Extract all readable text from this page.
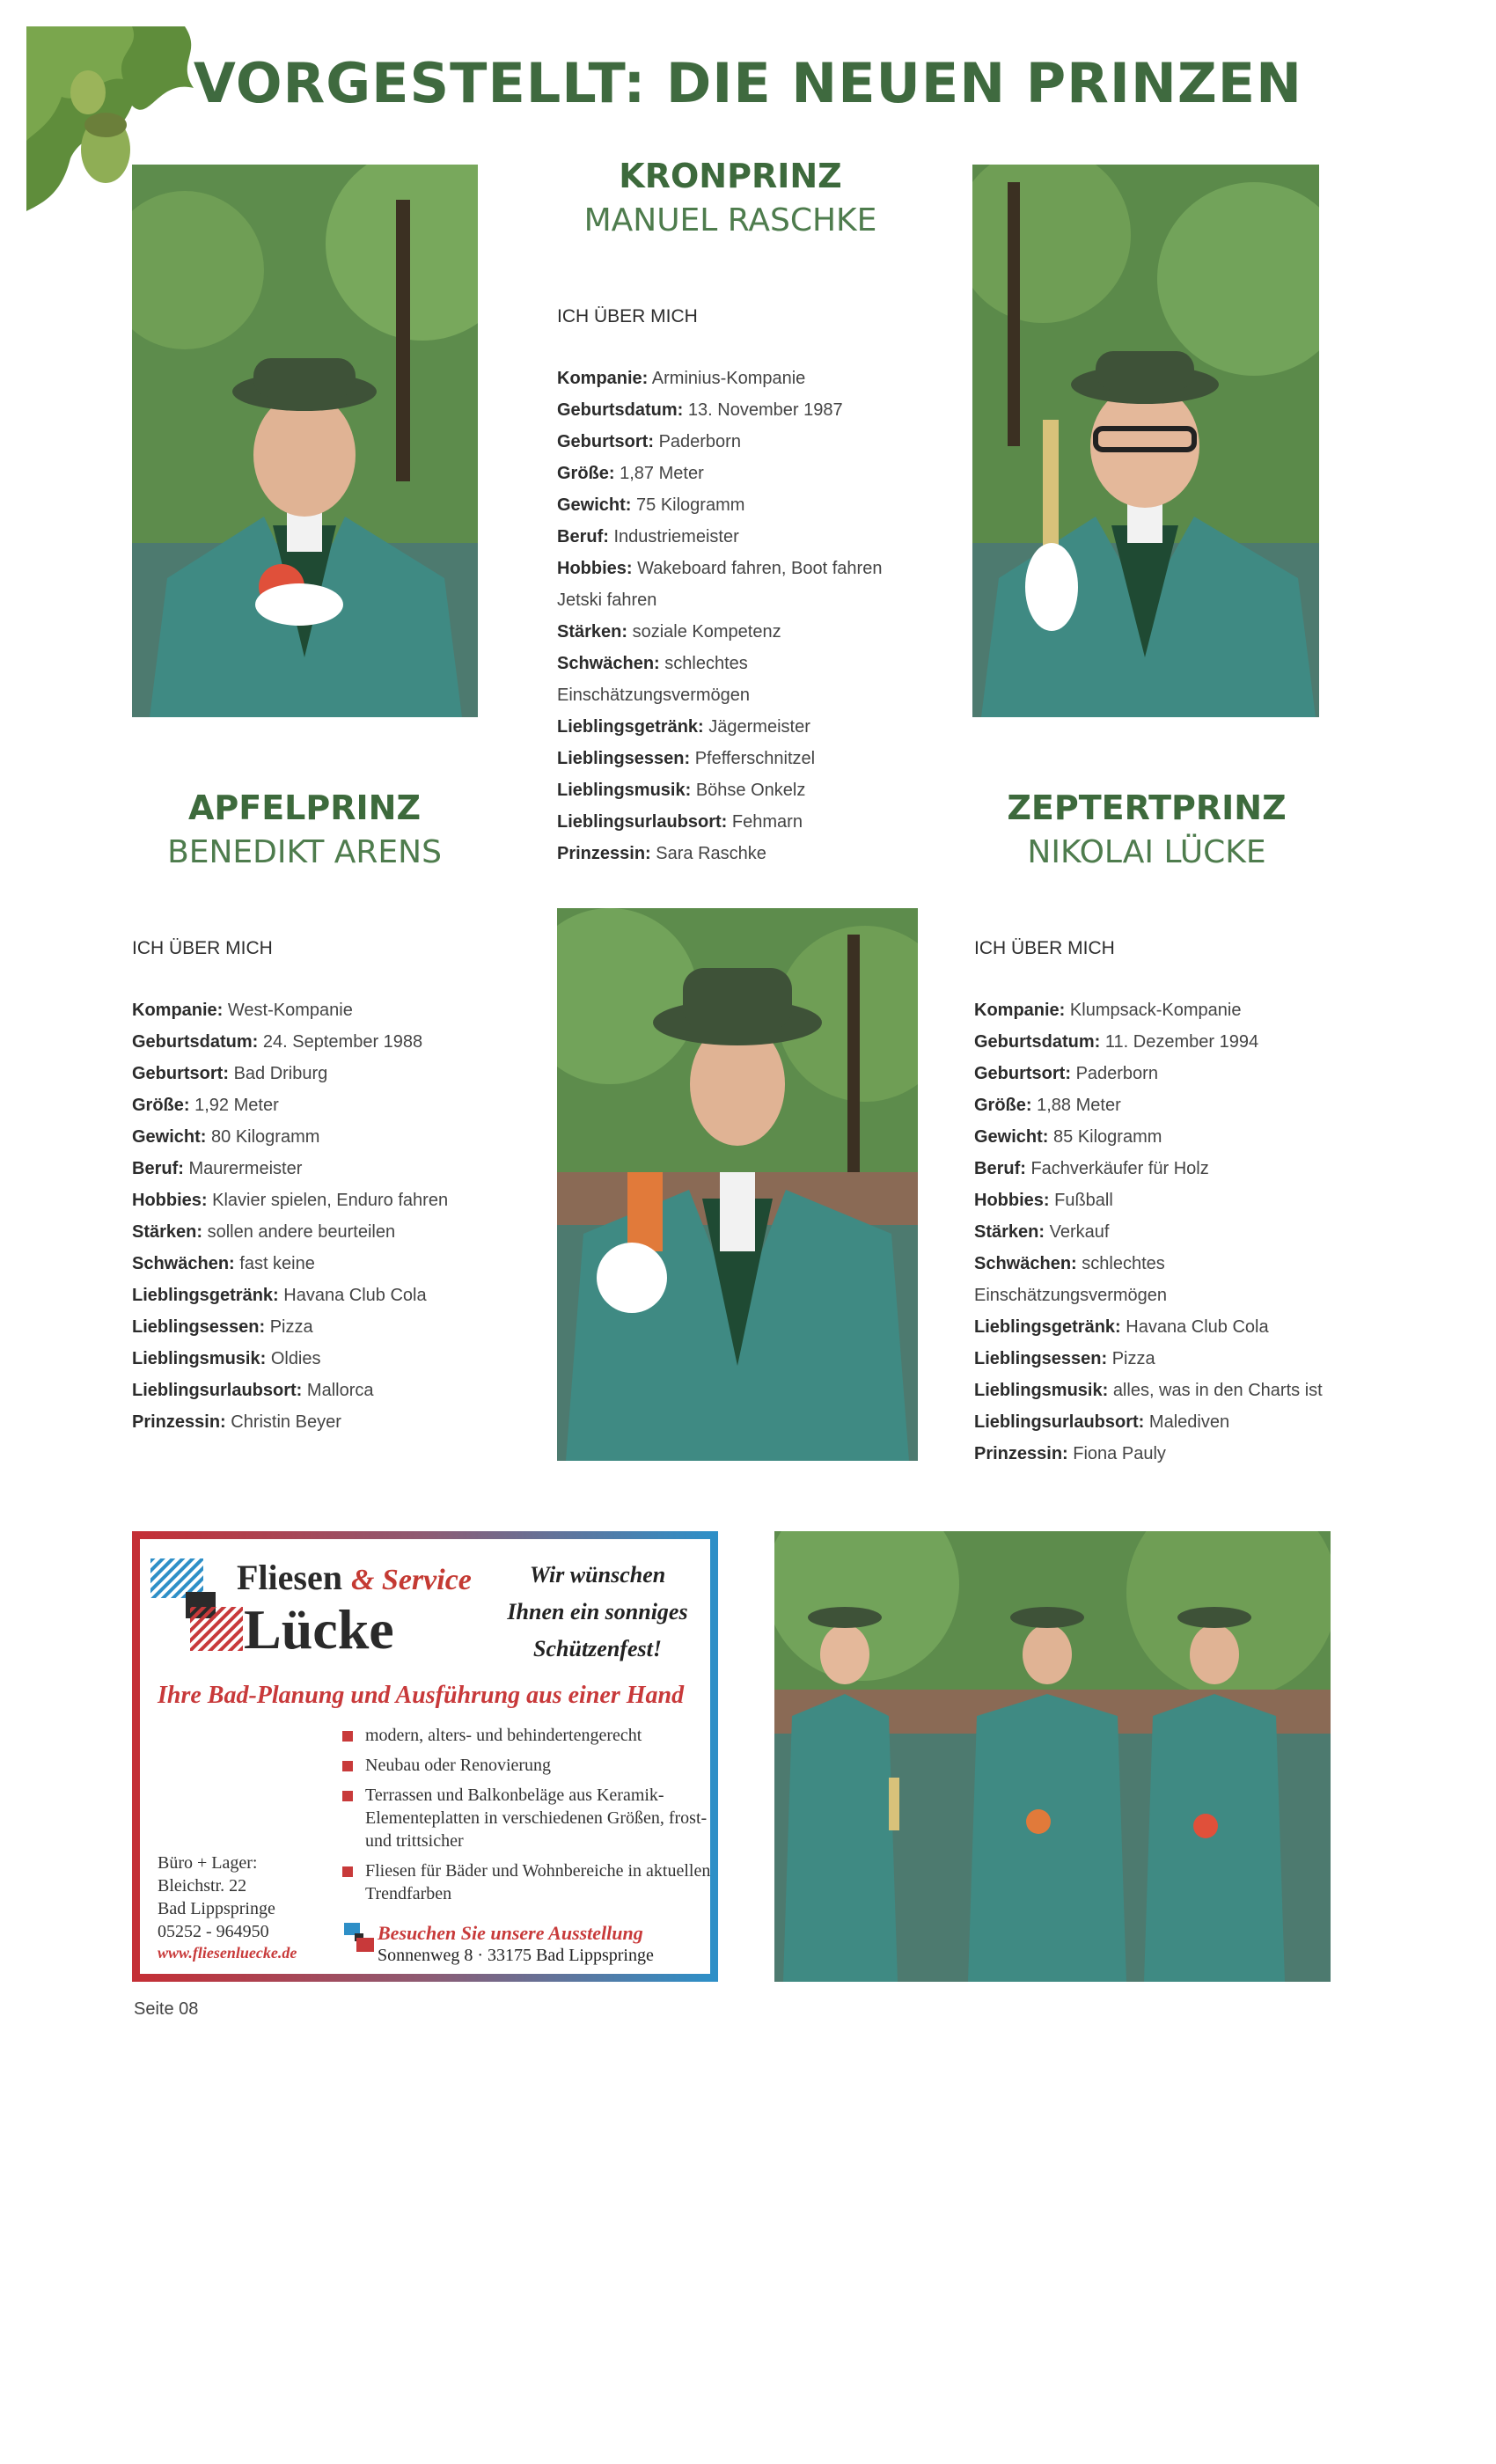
VORGESTELLT: DIE NEUEN PRINZEN
KRONPRINZ
MANUEL RASCHKE
ICH ÜBER MICH
Kompanie: Arminius-Kompanie
Geburtsdatum: 13. November 1987
Geburtsort: Paderborn
Größe: 1,87 Meter
Gewicht: 75 Kilogramm
Beruf: Industriemeister
Hobbies: Wakeboard fahren, Boot fahren
Jetski fahren
Stärken: soziale Kompetenz
Schwächen: schlechtes
Einschätzungsvermögen
Lieblingsgetränk: Jägermeister
Lieblingsessen: Pfefferschnitzel
Lieblingsmusik: Böhse Onkelz
Lieblingsurlaubsort: Fehmarn
Prinzessin: Sara Raschke
APFELPRINZ
BENEDIKT ARENS
ICH ÜBER MICH
Kompanie: West-Kompanie
Geburtsdatum: 24. September 1988
Geburtsort: Bad Driburg
Größe: 1,92 Meter
Gewicht: 80 Kilogramm
Beruf: Maurermeister
Hobbies: Klavier spielen, Enduro fahren
Stärken: sollen andere beurteilen
Schwächen: fast keine
Lieblingsgetränk: Havana Club Cola
Lieblingsessen: Pizza
Lieblingsmusik: Oldies
Lieblingsurlaubsort: Mallorca
Prinzessin: Christin Beyer
ZEPTERTPRINZ
NIKOLAI LÜCKE
ICH ÜBER MICH
Kompanie: Klumpsack-Kompanie
Geburtsdatum: 11. Dezember 1994
Geburtsort: Paderborn
Größe: 1,88 Meter
Gewicht: 85 Kilogramm
Beruf: Fachverkäufer für Holz
Hobbies: Fußball
Stärken: Verkauf
Schwächen: schlechtes
Einschätzungsvermögen
Lieblingsgetränk: Havana Club Cola
Lieblingsessen: Pizza
Lieblingsmusik: alles, was in den Charts ist
Lieblingsurlaubsort: Malediven
Prinzessin: Fiona Pauly
Fliesen & Service
Lücke
Wir wünschen
Ihnen ein sonniges
Schützenfest!
Ihre Bad-Planung und Ausführung aus einer Hand
modern, alters- und behindertengerecht
Neubau oder Renovierung
Terrassen und Balkonbeläge aus Keramik-Elementeplatten in verschiedenen Größen, frost- und trittsicher
Fliesen für Bäder und Wohnbereiche in aktuellen Trendfarben
Büro + Lager:
Bleichstr. 22
Bad Lippspringe
05252 - 964950
www.fliesenluecke.de
Besuchen Sie unsere Ausstellung
Sonnenweg 8 · 33175 Bad Lippspringe
Seite 08
